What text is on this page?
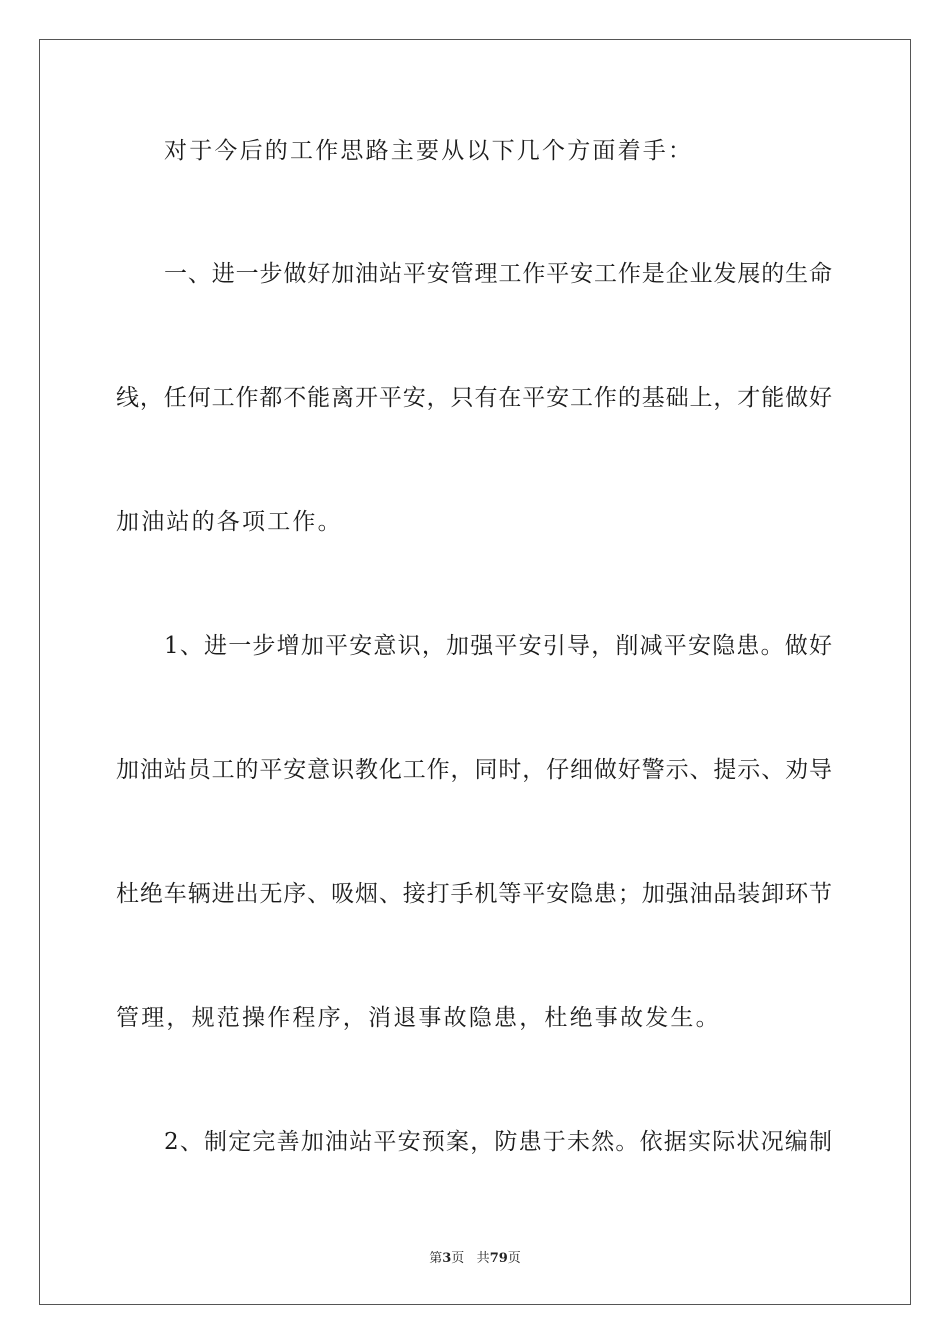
对于今后的工作思路主要从以下几个方面着手：
一、进一步做好加油站平安管理工作平安工作是企业发展的生命
线，任何工作都不能离开平安，只有在平安工作的基础上，才能做好
加油站的各项工作。
1、进一步增加平安意识，加强平安引导，削减平安隐患。做好
加油站员工的平安意识教化工作，同时，仔细做好警示、提示、劝导
杜绝车辆进出无序、吸烟、接打手机等平安隐患；加强油品装卸环节
管理，规范操作程序，消退事故隐患，杜绝事故发生。
2、制定完善加油站平安预案，防患于未然。依据实际状况编制
第3页 共79页
